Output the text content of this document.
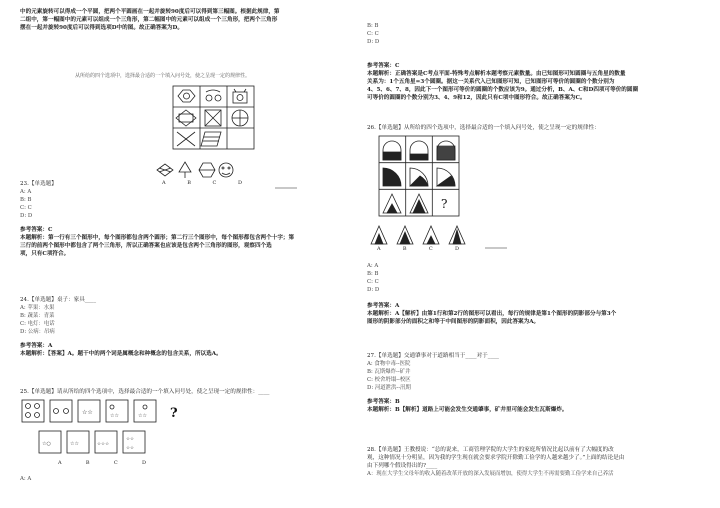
中的元素旋转可以得成一个平圆，把两个平圆画在一起并旋转90度后可以得到第三幅图。根据此规律，第

二组中，第一幅图中的元素可以组成一个三角形，第二幅图中的元素可以组成一个三角形，把两个三角形

摆在一起并旋转90度后可以得到选项D中的图。故正确答案为D。

从所给的四个选项中，选择最合适的一个填入问号处，使之呈现一定的规律性。

A	B	C	D

23.【单选题】

A: A

B: B

C: C

D: D

参考答案：C

本题解析：第一行有三个图形中，每个图形都包含两个圆形；第二行三个图形中，每个图形都包含两个十字；第

三行的前两个图形中都包含了两个三角形，所以正确答案也应该是包含两个三角形的图形，观察四个选

项，只有C项符合。

24.【单选题】桌子：家具____

A: 苹果：水果

B: 蔬菜：青菜

C: 电灯：电话

D: 公病：吊病

参考答案：A

本题解析：【答案】A。题干中的两个词是属概念和种概念的包含关系，所以选A。

25.【单选题】请从所给的四个选项中，选择最合适的一个填入问号处，使之呈现一定的规律性：____

☆☆	☆☆	☆☆
☆○	☆☆	☆☆☆
☆☆
☆☆
?
A	B	C	D

A: A

B: B

C: C

D: D

参考答案：C

本题解析：正确答案是C考点平面-特殊考点解析本题考察元素数量。由已知图形可知圆圈与五角星的数量

关系为：1个五角星=3个圆圈。据这一关系代入已知图形可知，已知图形可等价的圆圈的个数分别为

4、5、6、7、8，因此下一个图形可等价的圆圈的个数应该为9。通过分析，B、A、C和D四项可等价的圆圈

可等价的圆圈的个数分别为3、4、9和12，因此只有C项中图形符合。故正确答案为C。

26.【单选题】从所给的四个选项中，选择最合适的一个填入问号处，使之呈现一定的规律性：

?
A	B	C	D

A: A

B: B

C: C

D: D

参考答案：A

本题解析：A【解析】由第1行和第2行的图形可以看出，每行的规律是第1个图形的阴影部分与第3个

图形的阴影部分的面积之和等于中间图形的阴影面积，因此答案为A。

27.【单选题】交通肇事对于道路相当于____对于____

A: 食物中毒--医院

B: 瓦斯爆炸--矿井

C: 校舍坍塌--校区

D: 河道泄洪--汛期

参考答案：B

本题解析：B【解析】道路上可能会发生交通肇事，矿井里可能会发生瓦斯爆炸。

28.【单选题】王教授说：“总的说来，工商管理学院的大学生的家庭所情况比起以前有了大幅度的改

观，这种情况十分明显，因为我的学生现在就会要求学院开除勤工俭学的人越来越少了。”上面的结论是由

由下列哪个假设得出的?____

A：现在大学生父母年的收入随着改革开放的深入发展而增加，使得大学生不再需要勤工俭学来自己养活
